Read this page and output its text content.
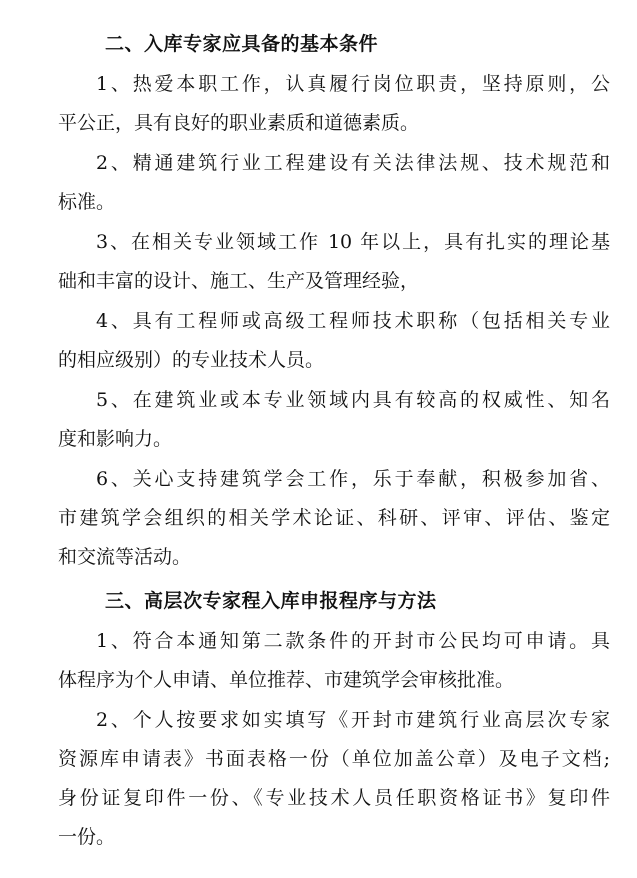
二、入库专家应具备的基本条件
1、热爱本职工作，认真履行岗位职责，坚持原则，公
平公正，具有良好的职业素质和道德素质。
2、精通建筑行业工程建设有关法律法规、技术规范和
标准。
3、在相关专业领域工作 10 年以上，具有扎实的理论基
础和丰富的设计、施工、生产及管理经验，
4、具有工程师或高级工程师技术职称（包括相关专业
的相应级别）的专业技术人员。
5、在建筑业或本专业领域内具有较高的权威性、知名
度和影响力。
6、关心支持建筑学会工作，乐于奉献，积极参加省、
市建筑学会组织的相关学术论证、科研、评审、评估、鉴定
和交流等活动。
三、高层次专家程入库申报程序与方法
1、符合本通知第二款条件的开封市公民均可申请。具
体程序为个人申请、单位推荐、市建筑学会审核批准。
2、个人按要求如实填写《开封市建筑行业高层次专家
资源库申请表》书面表格一份（单位加盖公章）及电子文档;
身份证复印件一份、《专业技术人员任职资格证书》复印件
一份。
